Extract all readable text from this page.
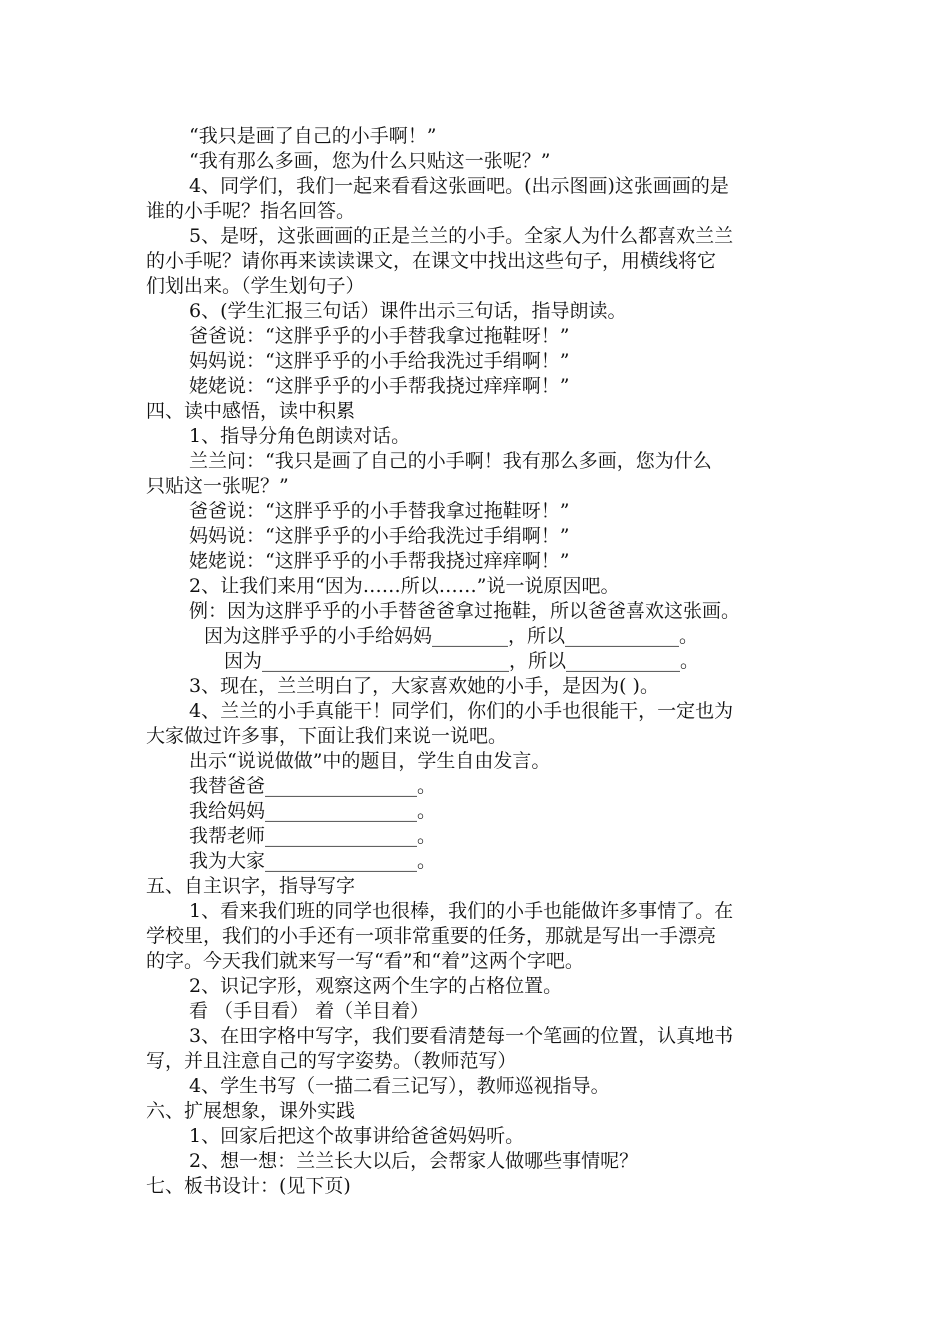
“我只是画了自己的小手啊！”
“我有那么多画，您为什么只贴这一张呢？”
4、同学们，我们一起来看看这张画吧。(出示图画)这张画画的是
谁的小手呢？指名回答。
5、是呀，这张画画的正是兰兰的小手。全家人为什么都喜欢兰兰
的小手呢？请你再来读读课文，在课文中找出这些句子，用横线将它
们划出来。（学生划句子）
6、(学生汇报三句话）课件出示三句话，指导朗读。
爸爸说：“这胖乎乎的小手替我拿过拖鞋呀！”
妈妈说：“这胖乎乎的小手给我洗过手绢啊！”
姥姥说：“这胖乎乎的小手帮我挠过痒痒啊！”
四、读中感悟，读中积累
1、指导分角色朗读对话。
兰兰问：“我只是画了自己的小手啊！我有那么多画，您为什么
只贴这一张呢？”
爸爸说：“这胖乎乎的小手替我拿过拖鞋呀！”
妈妈说：“这胖乎乎的小手给我洗过手绢啊！”
姥姥说：“这胖乎乎的小手帮我挠过痒痒啊！”
2、让我们来用“因为……所以……”说一说原因吧。
例：因为这胖乎乎的小手替爸爸拿过拖鞋，所以爸爸喜欢这张画。
因为这胖乎乎的小手给妈妈________，所以____________。
因为__________________________，所以____________。
3、现在，兰兰明白了，大家喜欢她的小手，是因为( )。
4、兰兰的小手真能干！同学们，你们的小手也很能干，一定也为
大家做过许多事，下面让我们来说一说吧。
出示“说说做做”中的题目，学生自由发言。
我替爸爸________________。
我给妈妈________________。
我帮老师________________。
我为大家________________。
五、自主识字，指导写字
1、看来我们班的同学也很棒，我们的小手也能做许多事情了。在
学校里，我们的小手还有一项非常重要的任务，那就是写出一手漂亮
的字。今天我们就来写一写“看”和“着”这两个字吧。
2、识记字形，观察这两个生字的占格位置。
看 （手目看） 着（羊目着）
3、在田字格中写字，我们要看清楚每一个笔画的位置，认真地书
写，并且注意自己的写字姿势。（教师范写）
4、学生书写（一描二看三记写），教师巡视指导。
六、扩展想象，课外实践
1、回家后把这个故事讲给爸爸妈妈听。
2、想一想：兰兰长大以后，会帮家人做哪些事情呢？
七、板书设计：(见下页)
